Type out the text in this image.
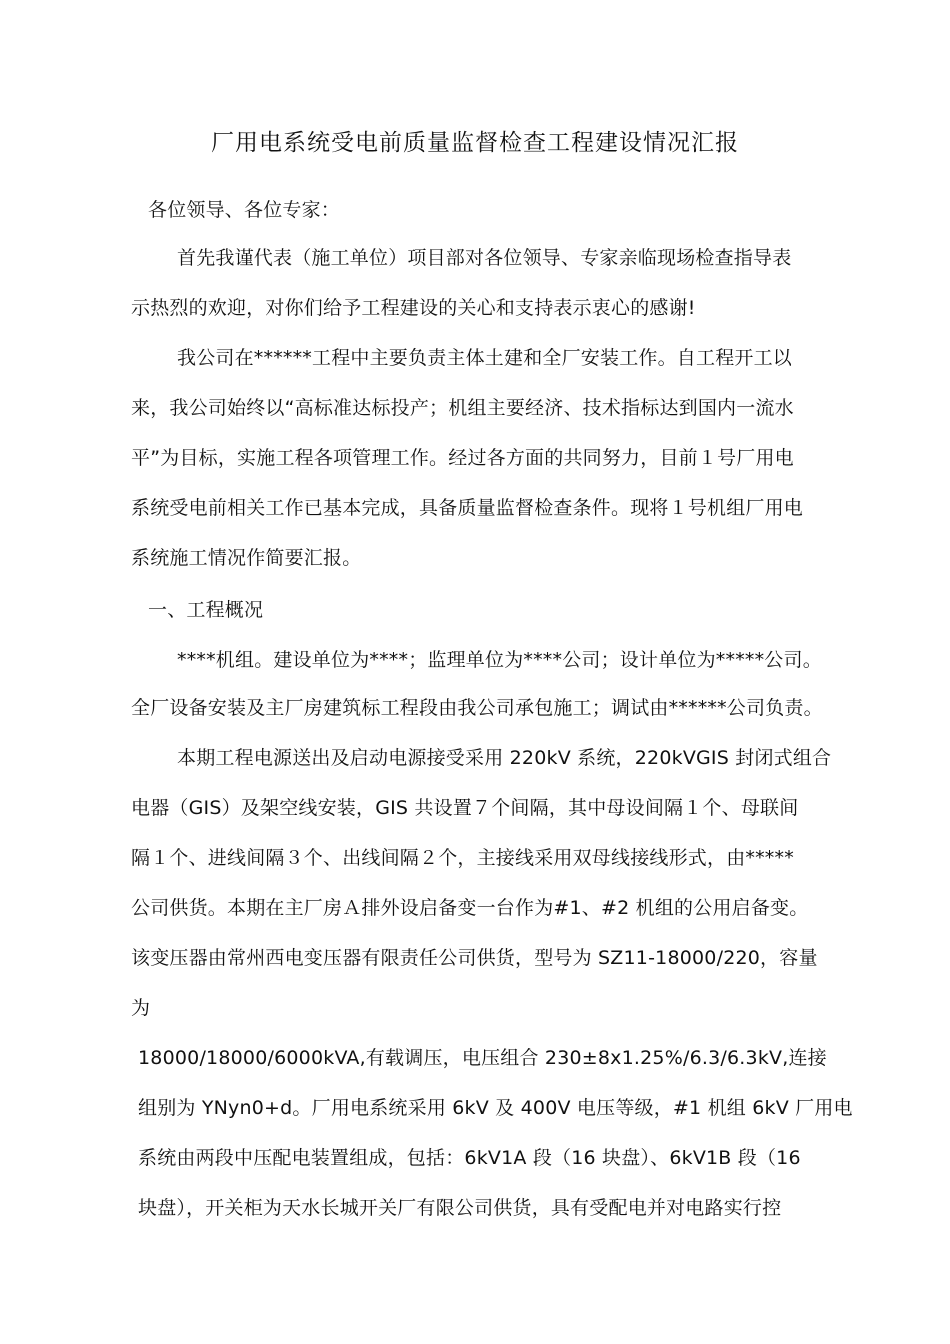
厂用电系统受电前质量监督检查工程建设情况汇报
各位领导、各位专家：
首先我谨代表（施工单位）项目部对各位领导、专家亲临现场检查指导表
示热烈的欢迎，对你们给予工程建设的关心和支持表示衷心的感谢!
我公司在******工程中主要负责主体土建和全厂安装工作。自工程开工以
来，我公司始终以“高标准达标投产；机组主要经济、技术指标达到国内一流水
平”为目标，实施工程各项管理工作。经过各方面的共同努力，目前１号厂用电
系统受电前相关工作已基本完成，具备质量监督检查条件。现将１号机组厂用电
系统施工情况作简要汇报。
一、工程概况
****机组。建设单位为****；监理单位为****公司；设计单位为*****公司。
全厂设备安装及主厂房建筑标工程段由我公司承包施工；调试由******公司负责。
本期工程电源送出及启动电源接受采用 220kV 系统，220kVGIS 封闭式组合
电器（GIS）及架空线安装，GIS 共设置７个间隔，其中母设间隔１个、母联间
隔１个、进线间隔３个、出线间隔２个，主接线采用双母线接线形式，由*****
公司供货。本期在主厂房Ａ排外设启备变一台作为#1、#2 机组的公用启备变。
该变压器由常州西电变压器有限责任公司供货，型号为 SZ11-18000/220，容量
为
18000/18000/6000kVA,有载调压，电压组合 230±8x1.25%/6.3/6.3kV,连接
组别为 YNyn0+d。厂用电系统采用 6kV 及 400V 电压等级，#1 机组 6kV 厂用电
系统由两段中压配电装置组成，包括：6kV1A 段（16 块盘）、6kV1B 段（16
块盘），开关柜为天水长城开关厂有限公司供货，具有受配电并对电路实行控
